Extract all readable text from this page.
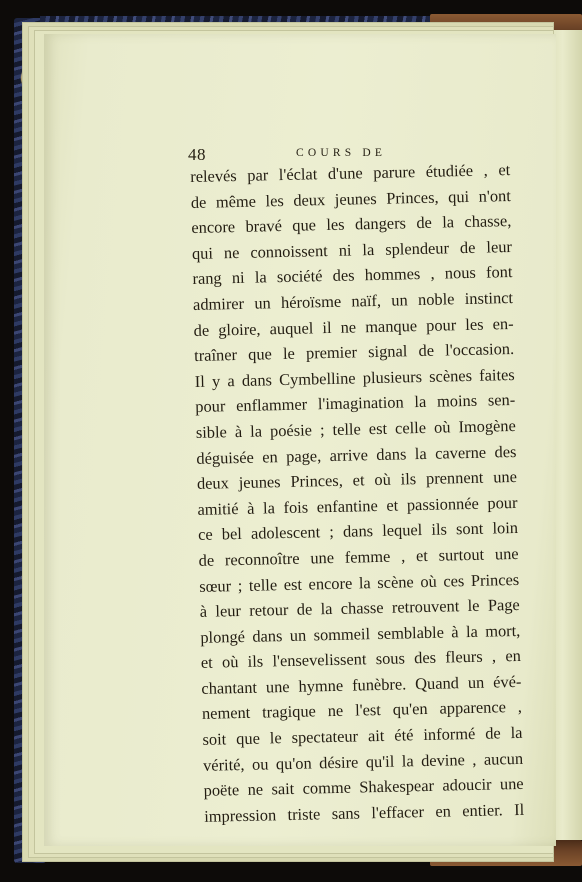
48	COURS DE
relevés par l'éclat d'une parure étudiée , et
de même les deux jeunes Princes, qui n'ont
encore bravé que les dangers de la chasse,
qui ne connoissent ni la splendeur de leur
rang ni la société des hommes , nous font
admirer un héroïsme naïf, un noble instinct
de gloire, auquel il ne manque pour les en-
traîner que le premier signal de l'occasion.
Il y a dans Cymbelline plusieurs scènes faites
pour enflammer l'imagination la moins sen-
sible à la poésie ; telle est celle où Imogène
déguisée en page, arrive dans la caverne des
deux jeunes Princes, et où ils prennent une
amitié à la fois enfantine et passionnée pour
ce bel adolescent ; dans lequel ils sont loin
de reconnoître une femme , et surtout une
sœur ; telle est encore la scène où ces Princes
à leur retour de la chasse retrouvent le Page
plongé dans un sommeil semblable à la mort,
et où ils l'ensevelissent sous des fleurs , en
chantant une hymne funèbre. Quand un évé-
nement tragique ne l'est qu'en apparence ,
soit que le spectateur ait été informé de la
vérité, ou qu'on désire qu'il la devine , aucun
poëte ne sait comme Shakespear adoucir une
impression triste sans l'effacer en entier. Il
